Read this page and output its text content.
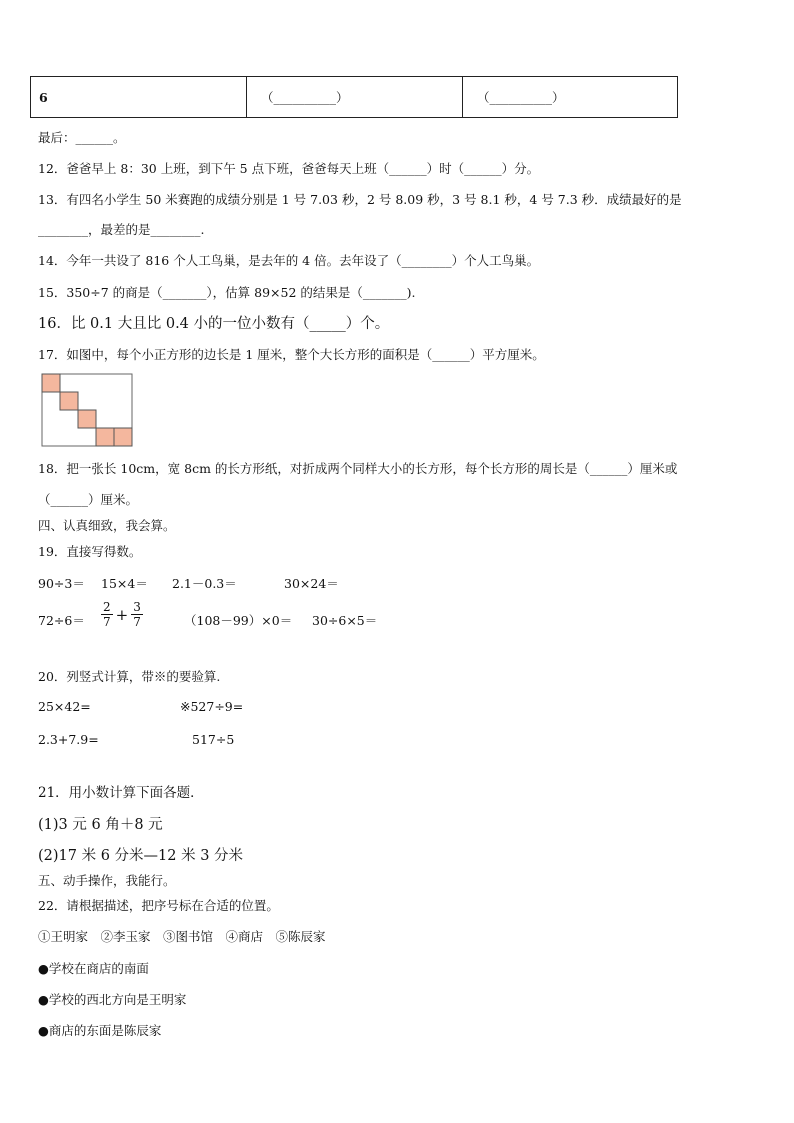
6	（__________）	（__________）
最后：______。
12．爸爸早上 8：30 上班，到下午 5 点下班，爸爸每天上班（______）时（______）分。
13．有四名小学生 50 米赛跑的成绩分别是 1 号 7.03 秒，2 号 8.09 秒，3 号 8.1 秒，4 号 7.3 秒．成绩最好的是
________，最差的是________.
14．今年一共设了 816 个人工鸟巢，是去年的 4 倍。去年设了（________）个人工鸟巢。
15．350÷7 的商是（_______），估算 89×52 的结果是（_______).
16．比 0.1 大且比 0.4 小的一位小数有（_____）个。
17．如图中，每个小正方形的边长是 1 厘米，整个大长方形的面积是（______）平方厘米。
18．把一张长 10cm，宽 8cm 的长方形纸，对折成两个同样大小的长方形，每个长方形的周长是（______）厘米或
（______）厘米。
四、认真细致，我会算。
19．直接写得数。
90÷3＝ 15×4＝ 2.1－0.3＝	30×24＝
$72\div 6= \frac{2}{7} + \frac{3}{7}$	（108－99）×0＝ 30÷6×5＝
20．列竖式计算，带※的要验算.
25×42=	※527÷9=
2.3+7.9=	517÷5
21．用小数计算下面各题．
(1)3 元 6 角＋8 元
(2)17 米 6 分米—12 米 3 分米
五、动手操作，我能行。
22．请根据描述，把序号标在合适的位置。
①王明家　②李玉家　③图书馆　④商店　⑤陈辰家
●学校在商店的南面
●学校的西北方向是王明家
●商店的东面是陈辰家
